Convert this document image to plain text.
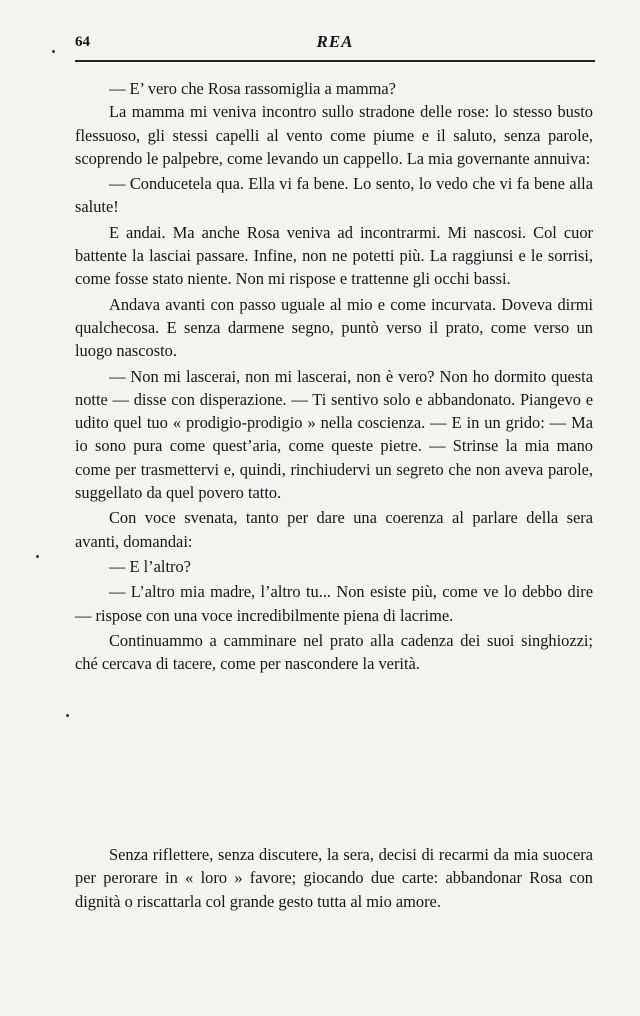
64	REA

— E’ vero che Rosa rassomiglia a mamma?

La mamma mi veniva incontro sullo stradone delle rose: lo stesso busto flessuoso, gli stessi capelli al vento come piume e il saluto, senza parole, scoprendo le palpebre, come levando un cappello. La mia governante annuiva:

— Conducetela qua. Ella vi fa bene. Lo sento, lo vedo che vi fa bene alla salute!

E andai. Ma anche Rosa veniva ad incontrarmi. Mi nascosi. Col cuor battente la lasciai passare. Infine, non ne potetti più. La raggiunsi e le sorrisi, come fosse stato niente. Non mi rispose e trattenne gli occhi bassi.

Andava avanti con passo uguale al mio e come incurvata. Doveva dirmi qualchecosa. E senza darmene segno, puntò verso il prato, come verso un luogo nascosto.

— Non mi lascerai, non mi lascerai, non è vero? Non ho dormito questa notte — disse con disperazione. — Ti sentivo solo e abbandonato. Piangevo e udito quel tuo « prodigio-prodigio » nella coscienza. — E in un grido: — Ma io sono pura come quest’aria, come queste pietre. — Strinse la mia mano come per trasmettervi e, quindi, rinchiudervi un segreto che non aveva parole, suggellato da quel povero tatto.

Con voce svenata, tanto per dare una coerenza al parlare della sera avanti, domandai:

— E l’altro?

— L’altro mia madre, l’altro tu... Non esiste più, come ve lo debbo dire — rispose con una voce incredibilmente piena di lacrime.

Continuammo a camminare nel prato alla cadenza dei suoi singhiozzi; ché cercava di tacere, come per nascondere la verità.

Senza riflettere, senza discutere, la sera, decisi di recarmi da mia suocera per perorare in « loro » favore; giocando due carte: abbandonar Rosa con dignità o riscattarla col grande gesto tutta al mio amore.
